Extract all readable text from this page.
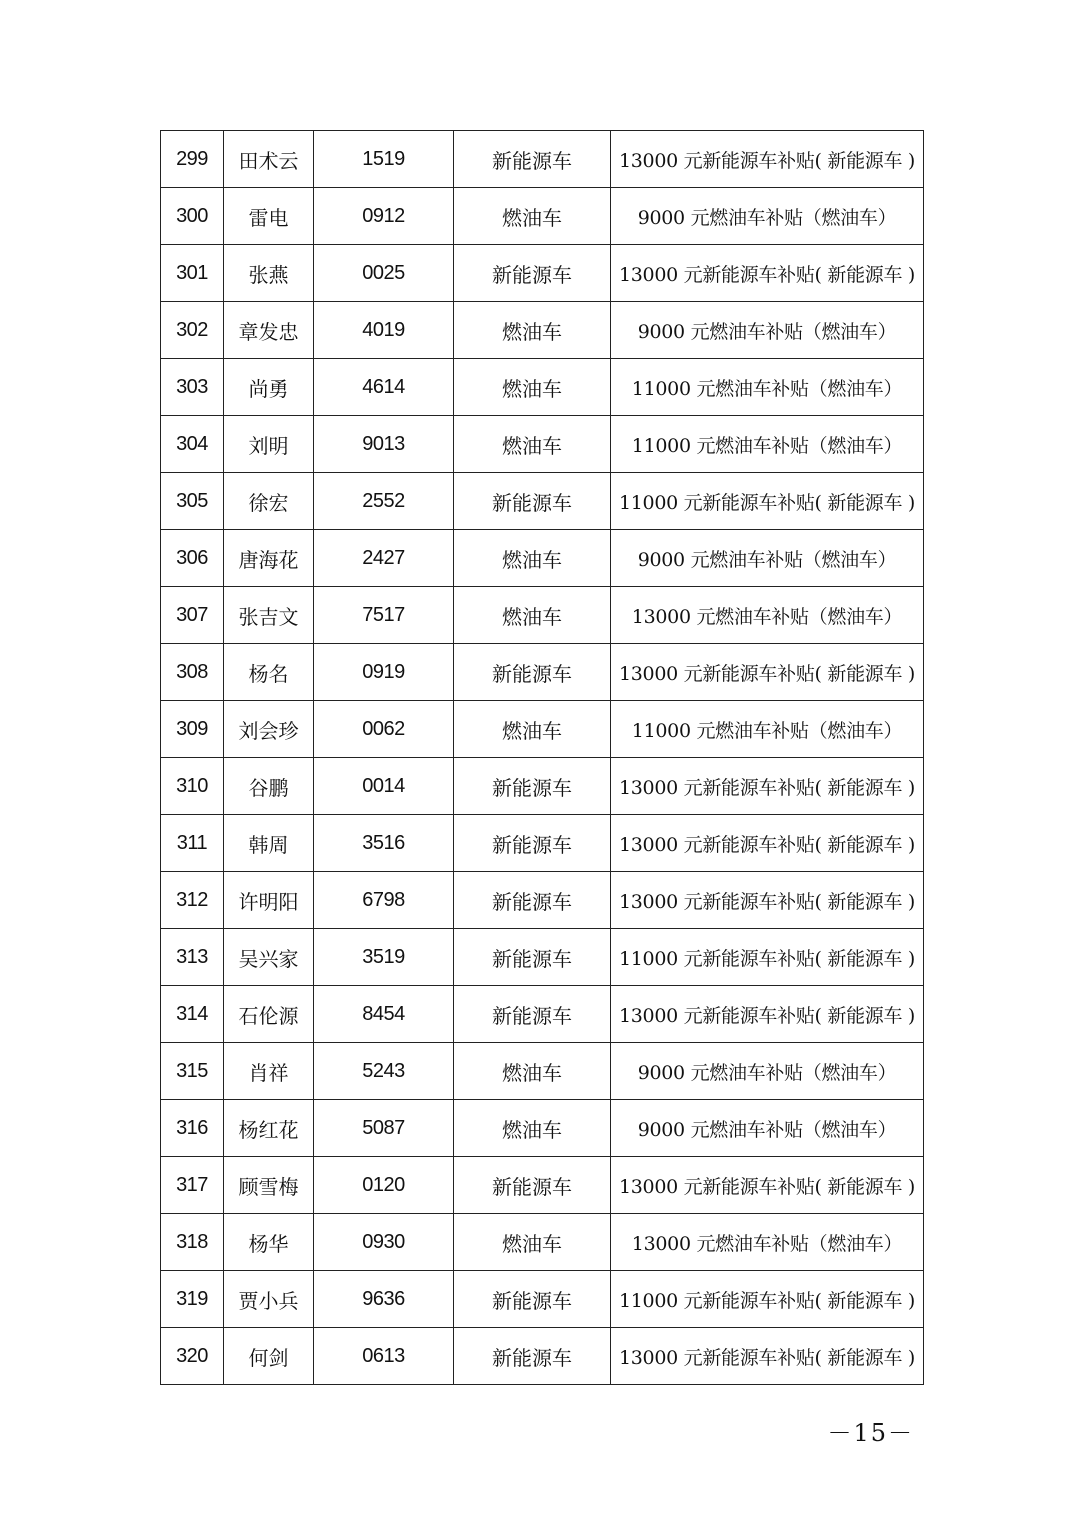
299	田术云	1519	新能源车	13000 元新能源车补贴( 新能源车 )
300	雷电	0912	燃油车	9000 元燃油车补贴（燃油车）
301	张燕	0025	新能源车	13000 元新能源车补贴( 新能源车 )
302	章发忠	4019	燃油车	9000 元燃油车补贴（燃油车）
303	尚勇	4614	燃油车	11000 元燃油车补贴（燃油车）
304	刘明	9013	燃油车	11000 元燃油车补贴（燃油车）
305	徐宏	2552	新能源车	11000 元新能源车补贴( 新能源车 )
306	唐海花	2427	燃油车	9000 元燃油车补贴（燃油车）
307	张吉文	7517	燃油车	13000 元燃油车补贴（燃油车）
308	杨名	0919	新能源车	13000 元新能源车补贴( 新能源车 )
309	刘会珍	0062	燃油车	11000 元燃油车补贴（燃油车）
310	谷鹏	0014	新能源车	13000 元新能源车补贴( 新能源车 )
311	韩周	3516	新能源车	13000 元新能源车补贴( 新能源车 )
312	许明阳	6798	新能源车	13000 元新能源车补贴( 新能源车 )
313	吴兴家	3519	新能源车	11000 元新能源车补贴( 新能源车 )
314	石伦源	8454	新能源车	13000 元新能源车补贴( 新能源车 )
315	肖祥	5243	燃油车	9000 元燃油车补贴（燃油车）
316	杨红花	5087	燃油车	9000 元燃油车补贴（燃油车）
317	顾雪梅	0120	新能源车	13000 元新能源车补贴( 新能源车 )
318	杨华	0930	燃油车	13000 元燃油车补贴（燃油车）
319	贾小兵	9636	新能源车	11000 元新能源车补贴( 新能源车 )
320	何剑	0613	新能源车	13000 元新能源车补贴( 新能源车 )
－15－
